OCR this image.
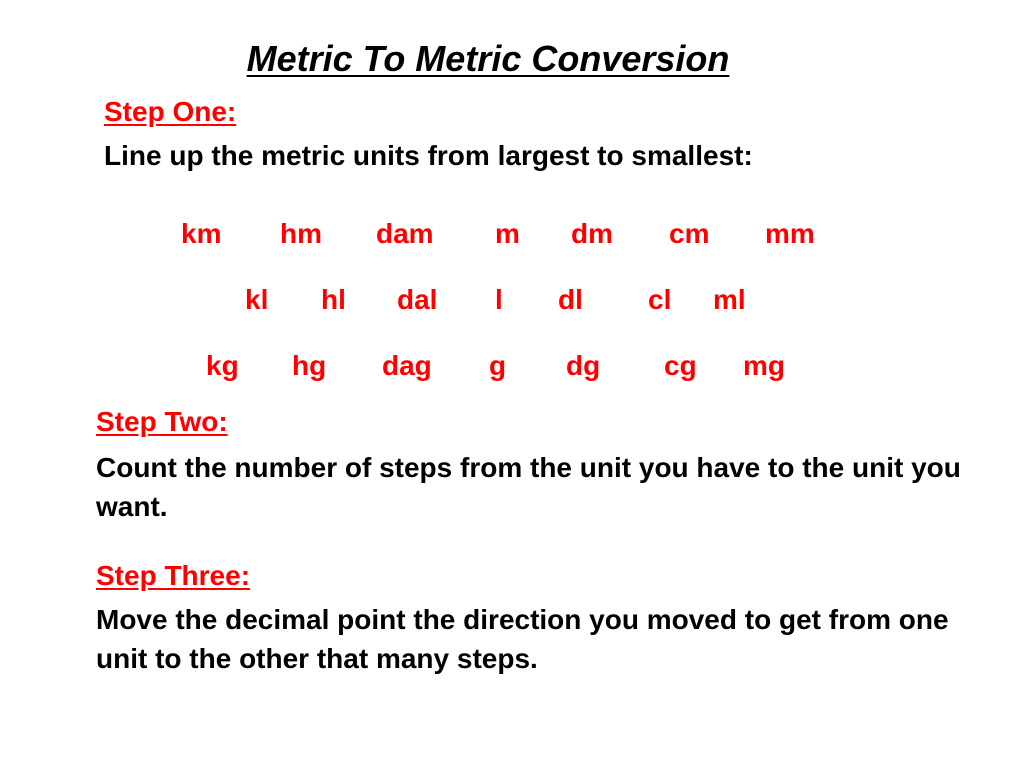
Metric To Metric Conversion
Step One:
Line up the metric units from largest to smallest:
km hm dam m dm cm mm
kl hl dal l dl cl ml
kg hg dag g dg cg mg
Step Two:
Count the number of steps from the unit you have to the unit you want.
Step Three:
Move the decimal point the direction you moved to get from one unit to the other that many steps.
